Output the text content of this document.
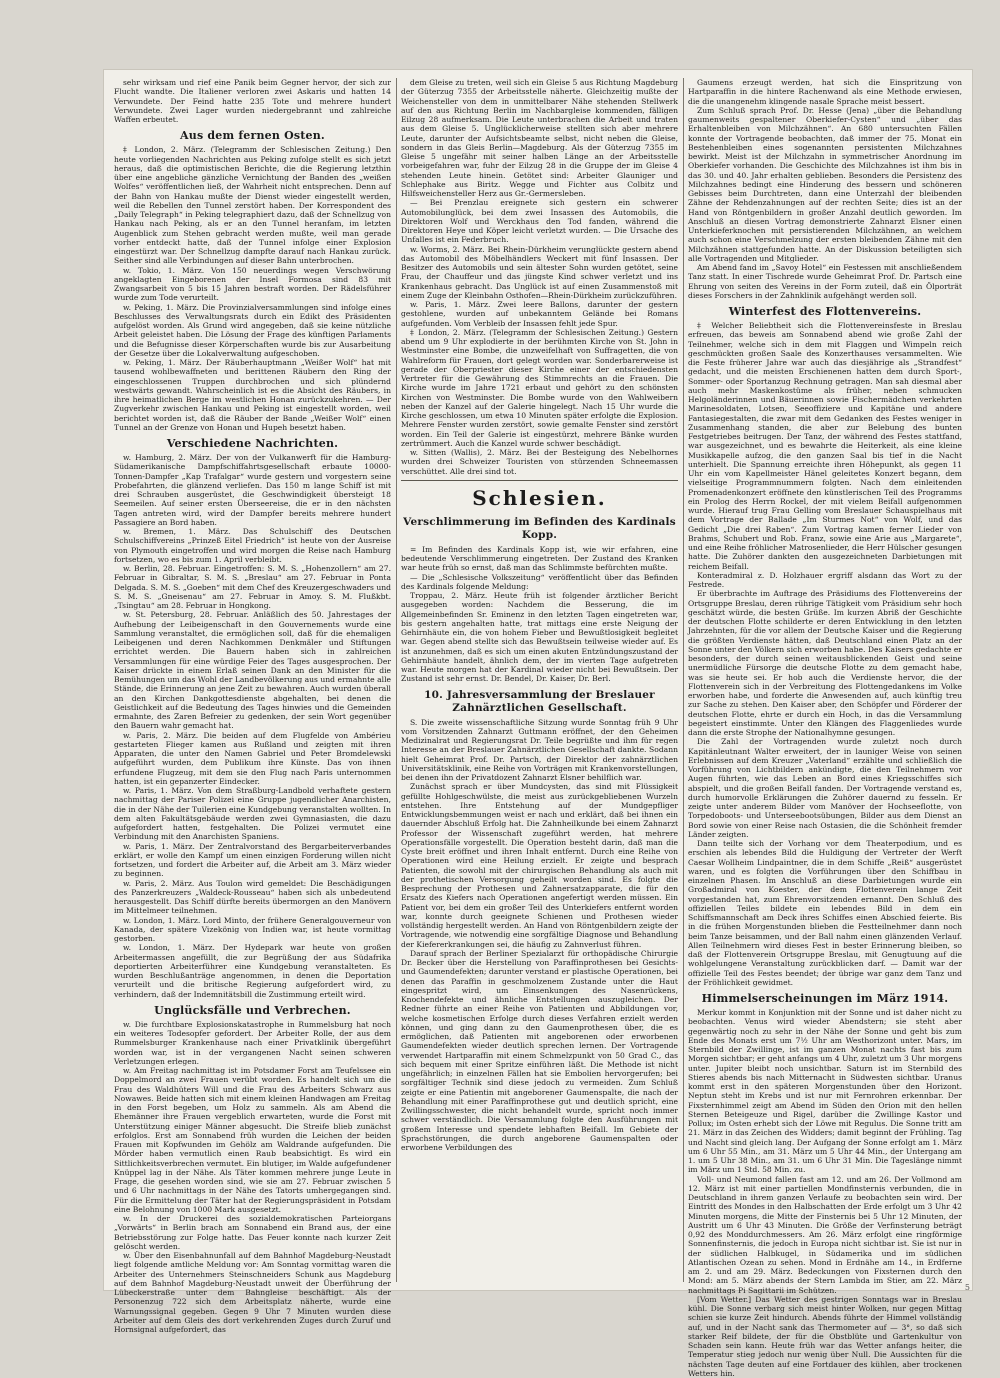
sehr wirksam und rief eine Panik beim Gegner hervor, der sich zur Flucht wandte. Die Italiener verloren zwei Askaris und hatten 14 Verwundete. Der Feind hatte 235 Tote und mehrere hundert Verwundete. Zwei Lager wurden niedergebrannt und zahlreiche Waffen erbeutet.

Aus dem fernen Osten.

‡ London, 2. März. (Telegramm der Schlesischen Zeitung.) Den heute vorliegenden Nachrichten aus Peking zufolge stellt es sich jetzt heraus, daß die optimistischen Berichte, die die Regierung letzthin über eine angebliche gänzliche Vernichtung der Banden des „weißen Wolfes“ veröffentlichen ließ, der Wahrheit nicht entsprechen. Denn auf der Bahn von Hankau mußte der Dienst wieder eingestellt werden, weil die Rebellen den Tunnel zerstört haben. Der Korrespondent des „Daily Telegraph“ in Peking telegraphiert dazu, daß der Schnellzug von Hankau nach Peking, als er an den Tunnel heranfam, im letzten Augenblick zum Stehen gebracht werden mußte, weil man gerade vorher entdeckt hatte, daß der Tunnel infolge einer Explosion eingestürzt war. Der Schnellzug dampfte darauf nach Hankau zurück. Seither sind alle Verbindungen auf dieser Bahn unterbrochen.

w. Tokio, 1. März. Von 150 neuerdings wegen Verschwörung angeklagten Eingeborenen der Insel Formosa sind 83 mit Zwangsarbeit von 5 bis 15 Jahren bestraft worden. Der Rädelsführer wurde zum Tode verurteilt.

w. Peking, 1. März. Die Provinzialversammlungen sind infolge eines Beschlusses des Verwaltungsrats durch ein Edikt des Präsidenten aufgelöst worden. Als Grund wird angegeben, daß sie keine nützliche Arbeit geleistet haben. Die Lösung der Frage des künftigen Parlaments und die Befugnisse dieser Körperschaften wurde bis zur Ausarbeitung der Gesetze über die Lokalverwaltung aufgeschoben.

w. Peking, 1. März. Der Räuberhauptmann „Weißer Wolf“ hat mit tausend wohlbewaffneten und berittenen Räubern den Ring der eingeschlossenen Truppen durchbrochen und sich plündernd westwärts gewandt. Wahrscheinlich ist es die Absicht des Räubers, in ihre heimatlichen Berge im westlichen Honan zurückzukehren. — Der Zugverkehr zwischen Hankau und Peking ist eingestellt worden, weil berichtet worden ist, daß die Räuber der Bande „Weißer Wolf“ einen Tunnel an der Grenze von Honan und Hupeh besetzt haben.

Verschiedene Nachrichten.

w. Hamburg, 2. März. Der von der Vulkanwerft für die Hamburg-Südamerikanische Dampfschiffahrtsgesellschaft erbaute 10000-Tonnen-Dampfer „Kap Trafalgar“ wurde gestern und vorgestern seine Probefahrten, die glänzend verliefen. Das 150 m lange Schiff ist mit drei Schrauben ausgerüstet, die Geschwindigkeit übersteigt 18 Seemeilen. Auf seiner ersten Überseereise, die er in den nächsten Tagen antreten wird, wird der Dampfer bereits mehrere hundert Passagiere an Bord haben.

w. Bremen, 1. März. Das Schulschiff des Deutschen Schulschiffvereins „Prinzeß Eitel Friedrich“ ist heute von der Ausreise von Plymouth eingetroffen und wird morgen die Reise nach Hamburg fortsetzen, wo es bis zum 1. April verbleibt.

w. Berlin, 28. Februar. Eingetroffen: S. M. S. „Hohenzollern“ am 27. Februar in Gibraltar, S. M. S. „Breslau“ am 27. Februar in Ponta Delgada. S. M. S. „Goeben“ mit dem Chef des Kreuzergeschwaders und S. M. S. „Gneisenau“ am 27. Februar in Amoy. S. M. Flußkbt. „Tsingtau“ am 28. Februar in Hongkong.

w. St. Petersburg, 28. Februar. Anläßlich des 50. Jahrestages der Aufhebung der Leibeigenschaft in den Gouvernements wurde eine Sammlung veranstaltet, die ermöglichen soll, daß für die ehemaligen Leibeigenen und deren Nachkommen Denkmäler und Stiftungen errichtet werden. Die Bauern haben sich in zahlreichen Versammlungen für eine würdige Feier des Tages ausgesprochen. Der Kaiser drückte in einem Erlaß seinen Dank an den Minister für die Bemühungen um das Wohl der Landbevölkerung aus und ermahnte alle Stände, die Erinnerung an jene Zeit zu bewahren. Auch wurden überall an den Kirchen Dankgottesdienste abgehalten, bei denen die Geistlichkeit auf die Bedeutung des Tages hinwies und die Gemeinden ermahnte, des Zaren Befreier zu gedenken, der sein Wort gegenüber den Bauern wahr gemacht hat.

w. Paris, 2. März. Die beiden auf dem Flugfelde von Ambérieu gestarteten Flieger kamen aus Rußland und zeigten mit ihren Apparaten, die unter den Namen Gabriel und Peter Bromdelewski aufgeführt wurden, dem Publikum ihre Künste. Das von ihnen erfundene Flugzeug, mit dem sie den Flug nach Paris unternommen hatten, ist ein gepanzerter Eindecker.

w. Paris, 1. März. Von dem Straßburg-Landbold verhaftete gestern nachmittag der Pariser Polizei eine Gruppe jugendlicher Anarchisten, die in der Nähe der Tuilerien eine Kundgebung veranstalten wollten. In dem alten Fakultätsgebäude werden zwei Gymnasiasten, die dazu aufgefordert hatten, festgehalten. Die Polizei vermutet eine Verbindung mit den Anarchisten Spaniens.

w. Paris, 1. März. Der Zentralvorstand des Bergarbeiterverbandes erklärt, er wolle den Kampf um einen einzigen Forderung willen nicht fortsetzen, und fordert die Arbeiter auf, die Arbeit am 3. März wieder zu beginnen.

w. Paris, 2. März. Aus Toulon wird gemeldet: Die Beschädigungen des Panzerkreuzers „Waldeck-Rousseau“ haben sich als unbedeutend herausgestellt. Das Schiff dürfte bereits übermorgen an den Manövern im Mittelmeer teilnehmen.

w. London, 1. März. Lord Minto, der frühere Generalgouverneur von Kanada, der spätere Vizekönig von Indien war, ist heute vormittag gestorben.

w. London, 1. März. Der Hydepark war heute von großen Arbeitermassen angefüllt, die zur Begrüßung der aus Südafrika deportierten Arbeiterführer eine Kundgebung veranstalteten. Es wurden Beschlußanträge angenommen, in denen die Deportation verurteilt und die britische Regierung aufgefordert wird, zu verhindern, daß der Indemnitätsbill die Zustimmung erteilt wird.

Unglücksfälle und Verbrechen.

w. Die furchtbare Explosionskatastrophe in Rummelsburg hat noch ein weiteres Todesopfer gefordert. Der Arbeiter Rolle, der aus dem Rummelsburger Krankenhause nach einer Privatklinik übergeführt worden war, ist in der vergangenen Nacht seinen schweren Verletzungen erlegen.

w. Am Freitag nachmittag ist im Potsdamer Forst am Teufelssee ein Doppelmord an zwei Frauen verübt worden. Es handelt sich um die Frau des Waldhüters Will und die Frau des Arbeiters Schwarz aus Nowawes. Beide hatten sich mit einem kleinen Handwagen am Freitag in den Forst begeben, um Holz zu sammeln. Als am Abend die Ehemänner ihre Frauen vergeblich erwarteten, wurde die Forst mit Unterstützung einiger Männer abgesucht. Die Streife blieb zunächst erfolglos. Erst am Sonnabend früh wurden die Leichen der beiden Frauen mit Kopfwunden im Gehölz am Waldrande aufgefunden. Die Mörder haben vermutlich einen Raub beabsichtigt. Es wird ein Sittlichkeitsverbrechen vermutet. Ein blutiger, im Walde aufgefundener Knüppel lag in der Nähe. Als Täter kommen mehrere junge Leute in Frage, die gesehen worden sind, wie sie am 27. Februar zwischen 5 und 6 Uhr nachmittags in der Nähe des Tatorts umhergegangen sind. Für die Ermittelung der Täter hat der Regierungspräsident in Potsdam eine Belohnung von 1000 Mark ausgesetzt.

w. In der Druckerei des sozialdemokratischen Parteiorgans „Vorwärts“ in Berlin brach am Sonnabend ein Brand aus, der eine Betriebsstörung zur Folge hatte. Das Feuer konnte nach kurzer Zeit gelöscht werden.

w. Über den Eisenbahnunfall auf dem Bahnhof Magdeburg-Neustadt liegt folgende amtliche Meldung vor: Am Sonntag vormittag waren die Arbeiter des Unternehmers Steinschneiders Schunk aus Magdeburg auf dem Bahnhof Magdeburg-Neustadt unweit der Überführung der Lübeckerstraße unter dem Bahngleise beschäftigt. Als der Personenzug 722 sich dem Arbeitsplatz näherte, wurde eine Warnungssignal gegeben. Gegen 9 Uhr 7 Minuten wurden diese Arbeiter auf dem Gleis des dort verkehrenden Zuges durch Zuruf und Hornsignal aufgefordert, das

dem Gleise zu treten, weil sich ein Gleise 5 aus Richtung Magdeburg der Güterzug 7355 der Arbeitsstelle näherte. Gleichzeitig mußte der Weichensteller von dem in unmittelbarer Nähe stehenden Stellwerk auf den aus Richtung Berlin im Nachbargleise kommenden, fälligen Eilzug 28 aufmerksam. Die Leute unterbrachen die Arbeit und traten aus dem Gleise 5. Unglücklicherweise stellten sich aber mehrere Leute, darunter der Aufsichtsbeamte selbst, nicht neben die Gleise, sondern in das Gleis Berlin—Magdeburg. Als der Güterzug 7355 im Gleise 5 ungefähr mit seiner halben Länge an der Arbeitsstelle vorbeigefahren war, fuhr der Eilzug 28 in die Gruppe der im Gleise 4 stehenden Leute hinein. Getötet sind: Arbeiter Glauniger und Schlephake aus Biritz. Wegge und Fichter aus Colbitz und Hilfsweichensteller Herz aus Gr.-Germersleben.

— Bei Prenzlau ereignete sich gestern ein schwerer Automobilunglück, bei dem zwei Insassen des Automobils, die Direktoren Wolf und Werckhaus den Tod fanden, während die Direktoren Heye und Köper leicht verletzt wurden. — Die Ursache des Unfalles ist ein Federbruch.

w. Worms, 2. März. Bei Rhein-Dürkheim verunglückte gestern abend das Automobil des Möbelhändlers Weckert mit fünf Insassen. Der Besitzer des Automobils und sein ältester Sohn wurden getötet, seine Frau, der Chauffeur und das jüngste Kind schwer verletzt und ins Krankenhaus gebracht. Das Unglück ist auf einen Zusammenstoß mit einem Zuge der Kleinbahn Osthofen—Rhein-Dürkheim zurückzuführen.

w. Paris, 1. März. Zwei leere Ballons, darunter der gestern gestohlene, wurden auf unbekanntem Gelände bei Romans aufgefunden. Vom Verbleib der Insassen fehlt jede Spur.

‡ London, 2. März. (Telegramm der Schlesischen Zeitung.) Gestern abend um 9 Uhr explodierte in der berühmten Kirche von St. John in Westminster eine Bombe, die unzweifelhaft von Suffragetten, die von Wahlreform für Frauen, dort gelegt worden war. Sonderbarerweise ist gerade der Oberpriester dieser Kirche einer der entschiedensten Vertreter für die Gewährung des Stimmrechts an die Frauen. Die Kirche wurde im Jahre 1721 erbaut und gehört zu den schönsten Kirchen von Westminster. Die Bombe wurde von den Wahlweibern neben der Kanzel auf der Galerie hingelegt. Nach 15 Uhr wurde die Kirche geschlossen, um etwa 10 Minuten später erfolgte die Explosion. Mehrere Fenster wurden zerstört, sowie gemalte Fenster sind zerstört worden. Ein Teil der Galerie ist eingestürzt, mehrere Bänke wurden zertrümmert. Auch die Kanzel wurde schwer beschädigt.

w. Sitten (Wallis), 2. März. Bei der Besteigung des Nebelhornes wurden drei Schweizer Touristen von stürzenden Schneemassen verschüttet. Alle drei sind tot.

Schlesien.
Verschlimmerung im Befinden des Kardinals Kopp.

= Im Befinden des Kardinals Kopp ist, wie wir erfahren, eine bedeutende Verschlimmerung eingetreten. Der Zustand des Kranken war heute früh so ernst, daß man das Schlimmste befürchten mußte.

— Die „Schlesische Volkszeitung“ veröffentlicht über das Befinden des Kardinals folgende Meldung:

Troppau, 2. März. Heute früh ist folgender ärztlicher Bericht ausgegeben worden: Nachdem die Besserung, die im Allgemeinbefinden Sr. Eminenz in den letzten Tagen eingetreten war, bis gestern angehalten hatte, trat mittags eine erste Neigung der Gehirnhäute ein, die von hohem Fieber und Bewußtlosigkeit begleitet war. Gegen abend stellte sich das Bewußtsein teilweise wieder auf. Es ist anzunehmen, daß es sich um einen akuten Entzündungszustand der Gehirnhäute handelt, ähnlich dem, der im vierten Tage aufgetreten war. Heute morgen hat der Kardinal wieder nicht bei Bewußtsein. Der Zustand ist sehr ernst. Dr. Bendel, Dr. Kaiser, Dr. Berl.

10. Jahresversammlung der Breslauer Zahnärztlichen Gesellschaft.

S. Die zweite wissenschaftliche Sitzung wurde Sonntag früh 9 Uhr vom Vorsitzenden Zahnarzt Guttmann eröffnet, der den Geheimen Medizinalrat und Regierungsrat Dr. Teile begrüßte und ihm für regen Interesse an der Breslauer Zahnärztlichen Gesellschaft dankte. Sodann hielt Geheimrat Prof. Dr. Partsch, der Direktor der zahnärztlichen Universitätsklinik, eine Reihe von Vorträgen mit Krankenvorstellungen, bei denen ihn der Privatdozent Zahnarzt Elsner behilflich war.

Zunächst sprach er über Mundcysten, das sind mit Flüssigkeit gefüllte Hohlgeschwülste, die meist aus zurückgebliebenen Wurzeln entstehen. Ihre Entstehung auf der Mundgepfliger Entwicklungsbemmungen weist er nach und erklärt, daß bei ihnen ein dauernder Abschluß Erfolg hat. Die Zahnheilkunde bei einem Zahnarzt Professor der Wissenschaft zugeführt werden, hat mehrere Operationsfälle vorgestellt. Die Operation besteht darin, daß man die Cyste breit eröffnet und ihren Inhalt entfernt. Durch eine Reihe von Operationen wird eine Heilung erzielt. Er zeigte und besprach Patienten, die sowohl mit der chirurgischen Behandlung als auch mit der prothetischen Versorgung geheilt worden sind. Es folgte die Besprechung der Prothesen und Zahnersatzapparate, die für den Ersatz des Kiefers nach Operationen angefertigt werden müssen. Ein Patient vor, bei dem ein großer Teil des Unterkiefers entfernt worden war, konnte durch geeignete Schienen und Prothesen wieder vollständig hergestellt werden. An Hand von Röntgenbildern zeigte der Vortragende, wie notwendig eine sorgfältige Diagnose und Behandlung der Kiefererkrankungen sei, die häufig zu Zahnverlust führen.

Darauf sprach der Berliner Spezialarzt für orthopädische Chirurgie Dr. Becker über die Herstellung von Paraffinprothesen bei Gesichts- und Gaumendefekten; darunter verstand er plastische Operationen, bei denen das Paraffin in geschmolzenem Zustande unter die Haut eingespritzt wird, um Einsenkungen des Nasenrückens, Knochendefekte und ähnliche Entstellungen auszugleichen. Der Redner führte an einer Reihe von Patienten und Abbildungen vor, welche kosmetischen Erfolge durch dieses Verfahren erzielt werden können, und ging dann zu den Gaumenprothesen über, die es ermöglichen, daß Patienten mit angeborenen oder erworbenen Gaumendefekten wieder deutlich sprechen lernen. Der Vortragende verwendet Hartparaffin mit einem Schmelzpunkt von 50 Grad C., das sich bequem mit einer Spritze einführen läßt. Die Methode ist nicht ungefährlich; in einzelnen Fällen hat sie Embolien hervorgerufen; bei sorgfältiger Technik sind diese jedoch zu vermeiden. Zum Schluß zeigte er eine Patientin mit angeborener Gaumenspalte, die nach der Behandlung mit einer Paraffinprothese gut und deutlich spricht, eine Zwillingsschwester, die nicht behandelt wurde, spricht noch immer schwer verständlich. Die Versammlung folgte den Ausführungen mit großem Interesse und spendete lebhaften Beifall. Im Gebiete der Sprachstörungen, die durch angeborene Gaumenspalten oder erworbene Verbildungen des

Gaumens erzeugt werden, hat sich die Einspritzung von Hartparaffin in die hintere Rachenwand als eine Methode erwiesen, die die unangenehm klingende nasale Sprache meist bessert.

Zum Schluß sprach Prof. Dr. Hesse (Jena) „über die Behandlung gaumenweits gespaltener Oberkiefer-Cysten“ und „über das Erhaltenbleiben von Milchzähnen“. An 680 untersuchten Fällen konnte der Vortragende beobachten, daß immer der 75. Monat ein Bestehenbleiben eines sogenannten persistenten Milchzahnes bewirkt. Meist ist der Milchzahn in symmetrischer Anordnung im Oberkiefer vorhanden. Die Geschichte des Milchzahnes ist ihm bis in das 30. und 40. Jahr erhalten geblieben. Besonders die Persistenz des Milchzahnes bedingt eine Hinderung des bessern und schöneren Gebisses beim Durchtreten, dann eine Unterzahl der bleibenden Zähne der Rehdenzahnungen auf der rechten Seite; dies ist an der Hand von Röntgenbildern in großer Anzahl deutlich geworden. Im Anschluß an diesen Vortrag demonstrierte Zahnarzt Elsner einen Unterkieferknochen mit persistierenden Milchzähnen, an welchem auch schon eine Verschmelzung der ersten bleibenden Zähne mit den Milchzähnen stattgefunden hatte. An der Diskussion beteiligten sich alle Vortragenden und Mitglieder.

Am Abend fand im „Savoy Hotel“ ein Festessen mit anschließendem Tanz statt. In einer Tischrede wurde Geheimrat Prof. Dr. Partsch eine Ehrung von seiten des Vereins in der Form zuteil, daß ein Ölporträt dieses Forschers in der Zahnklinik aufgehängt werden soll.

Winterfest des Flottenvereins.

‡ Welcher Beliebtheit sich die Flottenvereinsfeste in Breslau erfreuen, das beweis am Sonnabend abend wie große Zahl der Teilnehmer, welche sich in dem mit Flaggen und Wimpeln reich geschmückten großen Saale des Konzerthauses versammelten. Wie die Feste früherer Jahre war auch das diesjährige als „Strandfest“ gedacht, und die meisten Erschienenen hatten dem durch Sport-, Sommer- oder Sportanzug Rechnung getragen. Man sah diesmal aber auch mehr Maskenkostüme als früher, neben schmucken Helgoländerinnen und Bäuerinnen sowie Fischermädchen verkehrten Marinesoldaten, Lotsen, Seeoffiziere und Kapitäne und andere Fantasiegestalten, die zwar mit dem Gedanken des Festes weniger in Zusammenhang standen, die aber zur Belebung des bunten Festgetriebes beitrugen. Der Tanz, der während des Festes stattfand, war ausgezeichnet, und es bewahrte die Heiterkeit, als eine kleine Musikkapelle aufzog, die den ganzen Saal bis tief in die Nacht unterhielt. Die Spannung erreichte ihren Höhepunkt, als gegen 11 Uhr ein vom Kapellmeister Hänel geleitetes Konzert begann, dem vielseitige Programmnummern folgten. Nach dem einleitenden Promenadenkonzert eröffnete den künstlerischen Teil des Programms ein Prolog des Herrn Rockel, der mit vielem Beifall aufgenommen wurde. Hierauf trug Frau Gelling vom Breslauer Schauspielhaus mit dem Vortrage der Ballade „Im Sturmes Not“ von Wolf, und das Gedicht „Die drei Raben“. Zum Vortrag kamen ferner Lieder von Brahms, Schubert und Rob. Franz, sowie eine Arie aus „Margarete“, und eine Reihe fröhlicher Matrosenlieder, die Herr Hülscher gesungen hatte. Die Zuhörer dankten den ausgezeichneten Darbietungen mit reichem Beifall.

Konteradmiral z. D. Holzhauer ergriff alsdann das Wort zu der Festrede.

Er überbrachte im Auftrage des Präsidiums des Flottenvereins der Ortsgruppe Breslau, deren rührige Tätigkeit vom Präsidium sehr hoch geschätzt würde, die besten Grüße. Im kurzen Abriß der Geschichte der deutschen Flotte schilderte er deren Entwicklung in den letzten Jahrzehnten, für die vor allem der Deutsche Kaiser und die Regierung die größten Verdienste hätten, daß Deutschland einen Platz an der Sonne unter den Völkern sich erworben habe. Des Kaisers gedachte er besonders, der durch seinen weitausblickenden Geist und seine unermüdliche Fürsorge die deutsche Flotte zu dem gemacht habe, was sie heute sei. Er hob auch die Verdienste hervor, die der Flottenverein sich in der Verbreitung des Flottengedankens im Volke erworben habe, und forderte die Anwesenden auf, auch künftig treu zur Sache zu stehen. Den Kaiser aber, den Schöpfer und Förderer der deutschen Flotte, ehrte er durch ein Hoch, in das die Versammlung begeistert einstimmte. Unter den Klängen des Flaggenliedes wurde dann die erste Strophe der Nationalhymne gesungen.

Die Zahl der Vortragenden wurde zuletzt noch durch Kapitänleutnant Walter erweitert, der in launiger Weise von seinen Erlebnissen auf dem Kreuzer „Vaterland“ erzählte und schließlich die Vorführung von Lichtbildern ankündigte, die den Teilnehmern vor Augen führten, wie das Leben an Bord eines Kriegsschiffes sich abspielt, und die großen Beifall fanden. Der Vortragende verstand es, durch humorvolle Erklärungen die Zuhörer dauernd zu fesseln. Er zeigte unter anderem Bilder vom Manöver der Hochseeflotte, von Torpedoboots- und Unterseebootsübungen, Bilder aus dem Dienst an Bord sowie von einer Reise nach Ostasien, die die Schönheit fremder Länder zeigten.

Dann teilte sich der Vorhang vor dem Theaterpodium, und es erschien als lebendes Bild die Huldigung der Vertreter der Werft Caesar Wollheim Lindpaintner, die in dem Schiffe „Reiß“ ausgerüstet waren, und es folgten die Vorführungen über den Schiffbau in einzelnen Phasen. Im Anschluß an diese Darbietungen wurde ein Großadmiral von Koester, der dem Flottenverein lange Zeit vorgestanden hat, zum Ehrenvorsitzenden ernannt. Den Schluß des offiziellen Teiles bildete ein lebendes Bild in dem ein Schiffsmannschaft am Deck ihres Schiffes einen Abschied feierte. Bis in die frühen Morgenstunden blieben die Festteilnehmer dann noch beim Tanze beisammen, und der Ball nahm einen glänzenden Verlauf. Allen Teilnehmern wird dieses Fest in bester Erinnerung bleiben, so daß der Flottenverein Ortsgruppe Breslau, mit Genugtuung auf die wohlgelungene Veranstaltung zurückblicken darf. — Damit war der offizielle Teil des Festes beendet; der übrige war ganz dem Tanz und der Fröhlichkeit gewidmet.

Himmelserscheinungen im März 1914.

Merkur kommt in Konjunktion mit der Sonne und ist daher nicht zu beobachten. Venus wird wieder Abendstern; sie steht aber gegenwärtig noch zu sehr in der Nähe der Sonne und geht bis zum Ende des Monats erst um 7½ Uhr am Westhorizont unter. Mars, im Sternbild der Zwillinge, ist im ganzen Monat nachts fast bis zum Morgen sichtbar; er geht anfangs um 4 Uhr, zuletzt um 3 Uhr morgens unter. Jupiter bleibt noch unsichtbar. Saturn ist im Sternbild des Stieres abends bis nach Mitternacht in Südwesten sichtbar. Uranus kommt erst in den späteren Morgenstunden über den Horizont. Neptun steht im Krebs und ist nur mit Fernrohren erkennbar. Der Fixsternhimmel zeigt am Abend im Süden den Orion mit den hellen Sternen Beteigeuze und Rigel, darüber die Zwillinge Kastor und Pollux; im Osten erhebt sich der Löwe mit Regulus. Die Sonne tritt am 21. März in das Zeichen des Widders; damit beginnt der Frühling. Tag und Nacht sind gleich lang. Der Aufgang der Sonne erfolgt am 1. März um 6 Uhr 55 Min., am 31. März um 5 Uhr 44 Min., der Untergang am 1. um 5 Uhr 38 Min., am 31. um 6 Uhr 31 Min. Die Tageslänge nimmt im März um 1 Std. 58 Min. zu.

Voll- und Neumond fallen fast am 12. und am 26. Der Vollmond am 12. März ist mit einer partiellen Mondfinsternis verbunden, die in Deutschland in ihrem ganzen Verlaufe zu beobachten sein wird. Der Eintritt des Mondes in den Halbschatten der Erde erfolgt um 3 Uhr 42 Minuten morgens, die Mitte der Finsternis bei 5 Uhr 12 Minuten, der Austritt um 6 Uhr 43 Minuten. Die Größe der Verfinsterung beträgt 0,92 des Monddurchmessers. Am 26. März erfolgt eine ringförmige Sonnenfinsternis, die jedoch in Europa nicht sichtbar ist. Sie ist nur in der südlichen Halbkugel, in Südamerika und im südlichen Atlantischen Ozean zu sehen. Mond in Erdnähe am 14., in Erdferne am 2. und am 29. März. Bedeckungen von Fixsternen durch den Mond: am 5. März abends der Stern Lambda im Stier, am 22. März nachmittags Pi Sagittarii im Schützen.

[Vom Wetter.] Das Wetter des gestrigen Sonntags war in Breslau kühl. Die Sonne verbarg sich meist hinter Wolken, nur gegen Mittag schien sie kurze Zeit hindurch. Abends führte der Himmel vollständig auf, und in der Nacht sank das Thermometer auf — 3°, so daß sich starker Reif bildete, der für die Obstblüte und Gartenkultur von Schaden sein kann. Heute früh war das Wetter anfangs heiter, die Temperatur stieg jedoch nur wenig über Null. Die Aussichten für die nächsten Tage deuten auf eine Fortdauer des kühlen, aber trockenen Wetters hin.

5
